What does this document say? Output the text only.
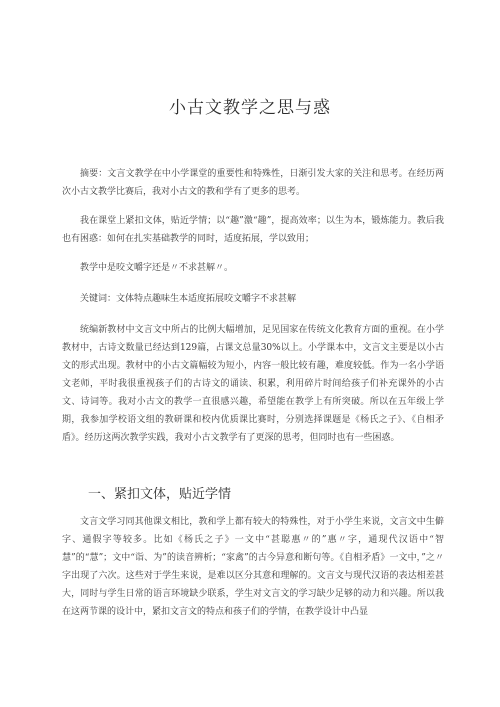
小古文教学之思与惑

摘要：文言文教学在中小学课堂的重要性和特殊性，日渐引发大家的关注和思考。在经历两次小古文教学比赛后，我对小古文的教和学有了更多的思考。

我在课堂上紧扣文体，贴近学情；以“趣”激“趣”，提高效率；以生为本，锻炼能力。教后我也有困惑：如何在扎实基础教学的同时，适度拓展，学以致用；

教学中是咬文嚼字还是〃不求甚解〃。

关键词：文体特点趣味生本适度拓展咬文嚼字不求甚解

统编新教材中文言文中所占的比例大幅增加，足见国家在传统文化教育方面的重视。在小学教材中，古诗文数量已经达到129篇，占课文总量30%以上。小学课本中，文言文主要是以小古文的形式出现。教材中的小古文篇幅较为短小，内容一般比较有趣，难度较低。作为一名小学语文老师，平时我很重视孩子们的古诗文的诵读、积累，利用碎片时间给孩子们补充课外的小古文、诗词等。我对小古文的教学一直很感兴趣，希望能在教学上有所突破。所以在五年级上学期，我参加学校语文组的教研课和校内优质课比赛时，分别选择课题是《杨氏之子》、《自相矛盾》。经历这两次教学实践，我对小古文教学有了更深的思考，但同时也有一些困惑。

一、紧扣文体，贴近学情

文言文学习同其他课文相比，教和学上都有较大的特殊性，对于小学生来说，文言文中生僻字、通假字等较多。比如《杨氏之子》一文中“甚聪惠〃的”惠〃字，通现代汉语中“智慧”的“慧”；文中“诣、为”的读音辨析；“家禽”的古今异意和断句等。《自相矛盾》一文中，”之〃字出现了六次。这些对于学生来说，是难以区分其意和理解的。文言文与现代汉语的表达相差甚大，同时与学生日常的语言环境缺少联系，学生对文言文的学习缺少足够的动力和兴趣。所以我在这两节课的设计中，紧扣文言文的特点和孩子们的学情，在教学设计中凸显
